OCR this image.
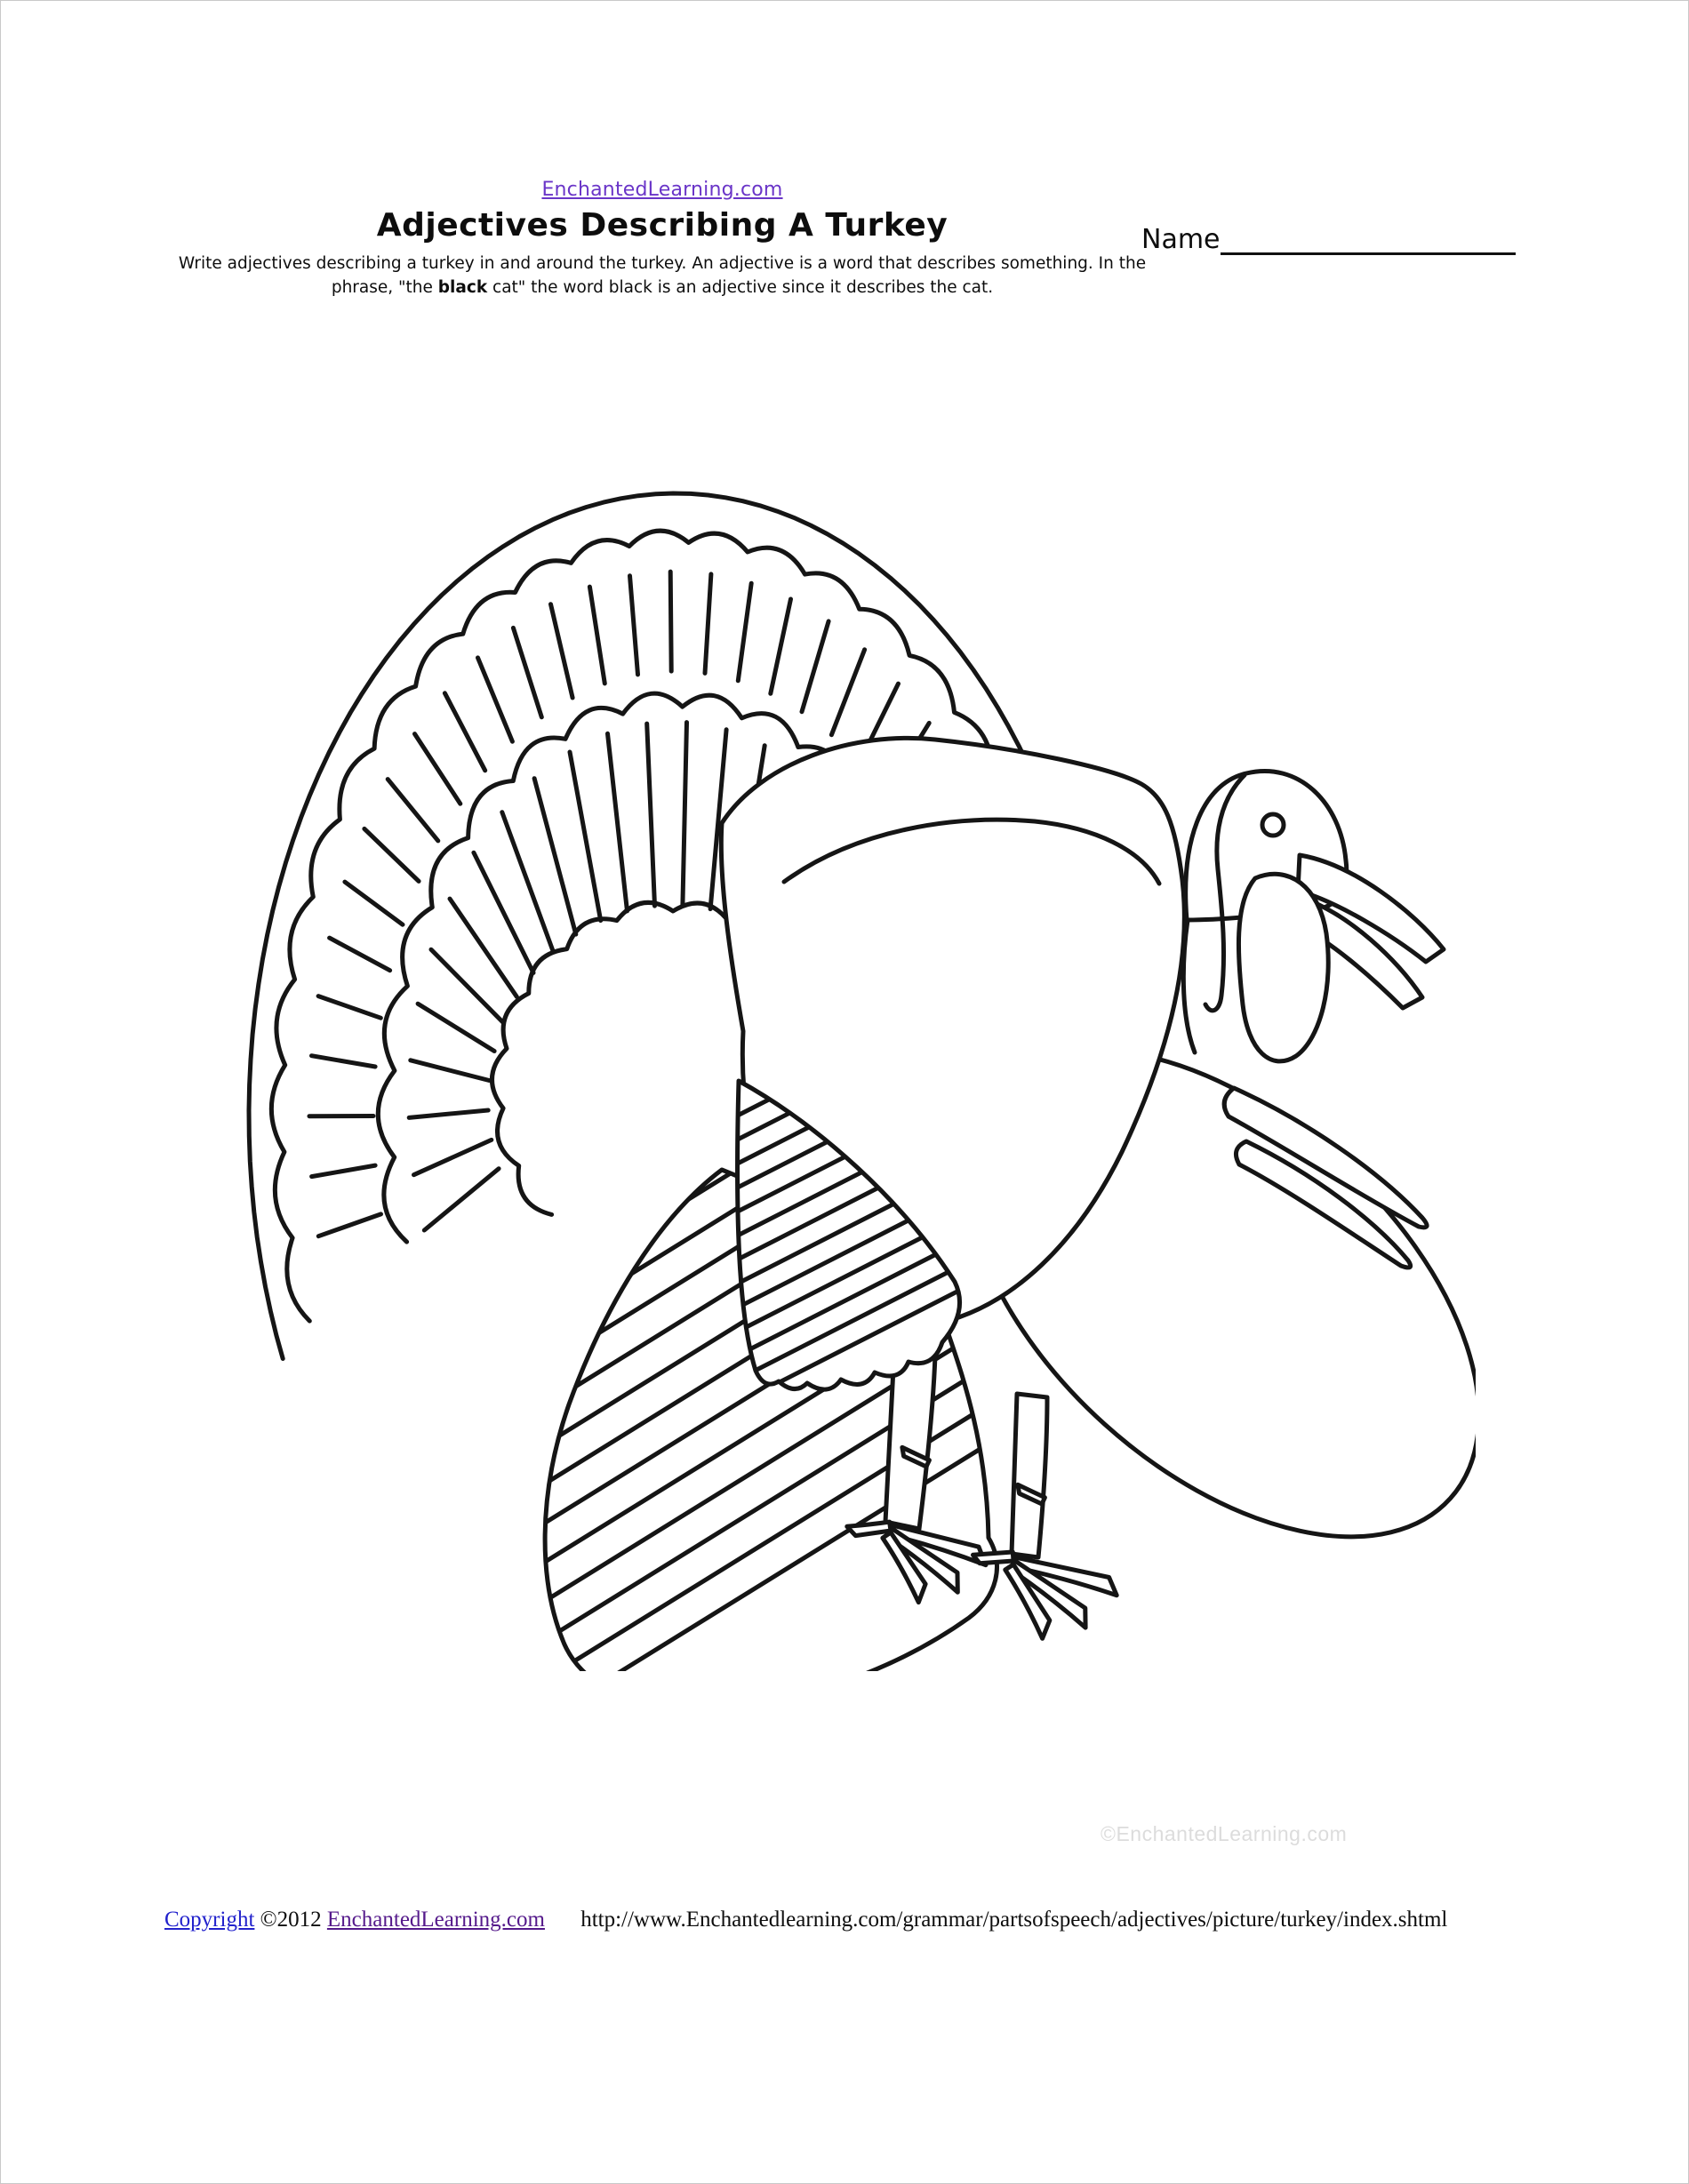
EnchantedLearning.com
Adjectives Describing A Turkey	Name
Write adjectives describing a turkey in and around the turkey. An adjective is a word that describes something. In the
phrase, "the black cat" the word black is an adjective since it describes the cat.
©EnchantedLearning.com
Copyright ©2012 EnchantedLearning.com http://www.Enchantedlearning.com/grammar/partsofspeech/adjectives/picture/turkey/index.shtml
